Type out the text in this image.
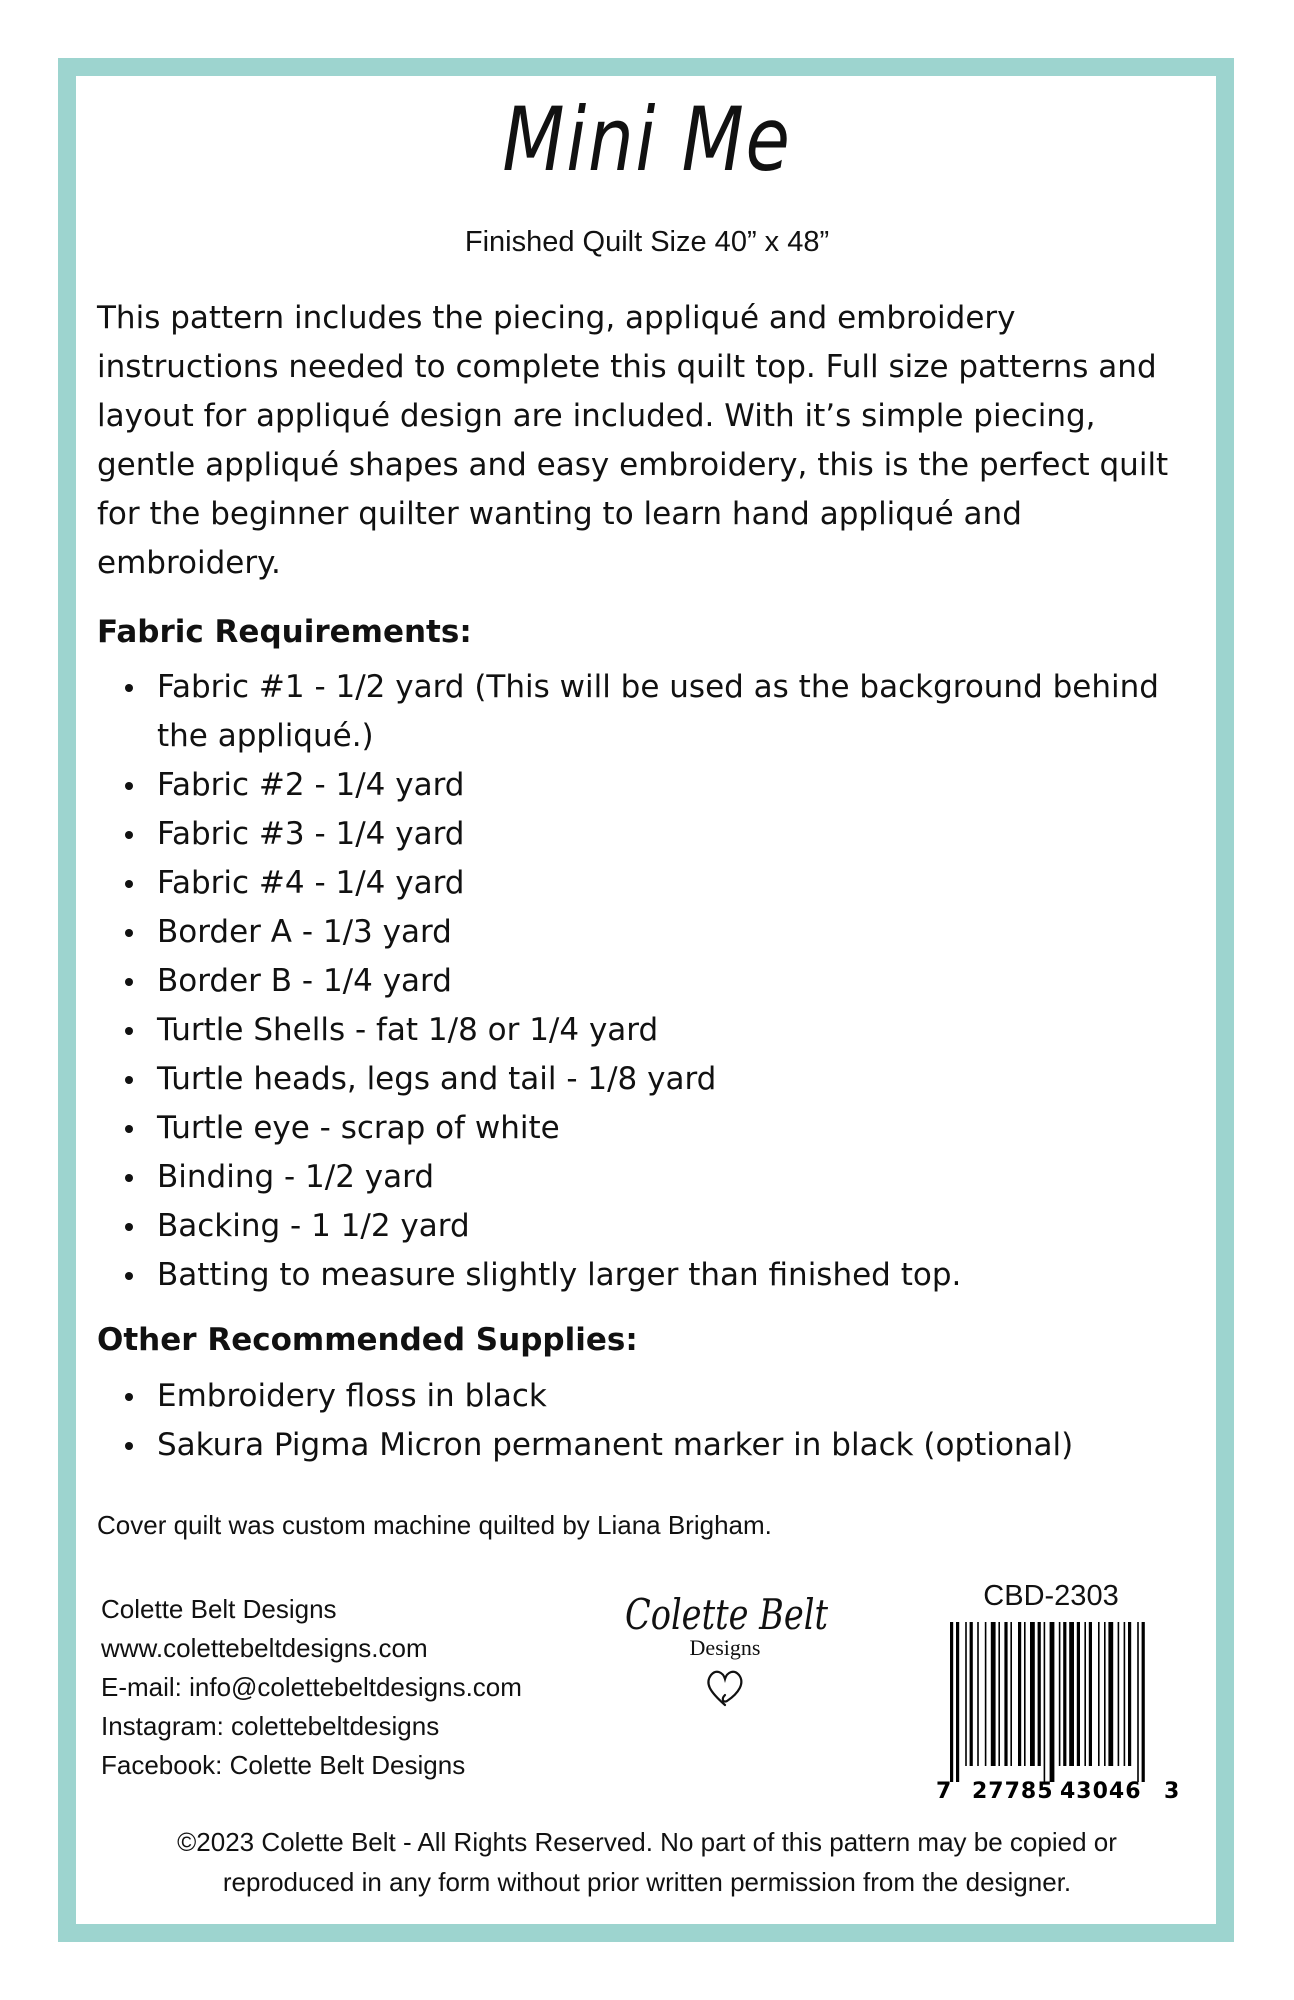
Mini Me
Finished Quilt Size 40” x 48”

This pattern includes the piecing, appliqué and embroidery instructions needed to complete this quilt top. Full size patterns and layout for appliqué design are included. With it’s simple piecing, gentle appliqué shapes and easy embroidery, this is the perfect quilt for the beginner quilter wanting to learn hand appliqué and embroidery.

Fabric Requirements:
Fabric #1 - 1/2 yard (This will be used as the background behind the appliqué.)
Fabric #2 - 1/4 yard
Fabric #3 - 1/4 yard
Fabric #4 - 1/4 yard
Border A - 1/3 yard
Border B - 1/4 yard
Turtle Shells - fat 1/8 or 1/4 yard
Turtle heads, legs and tail - 1/8 yard
Turtle eye - scrap of white
Binding - 1/2 yard
Backing - 1 1/2 yard
Batting to measure slightly larger than finished top.
Other Recommended Supplies:
Embroidery floss in black
Sakura Pigma Micron permanent marker in black (optional)
Cover quilt was custom machine quilted by Liana Brigham.
Colette Belt Designs
www.colettebeltdesigns.com
E-mail: info@colettebeltdesigns.com
Instagram: colettebeltdesigns
Facebook: Colette Belt Designs
Colette Belt
Designs
CBD-2303
7 27785 43046 3
©2023 Colette Belt - All Rights Reserved. No part of this pattern may be copied or
reproduced in any form without prior written permission from the designer.
